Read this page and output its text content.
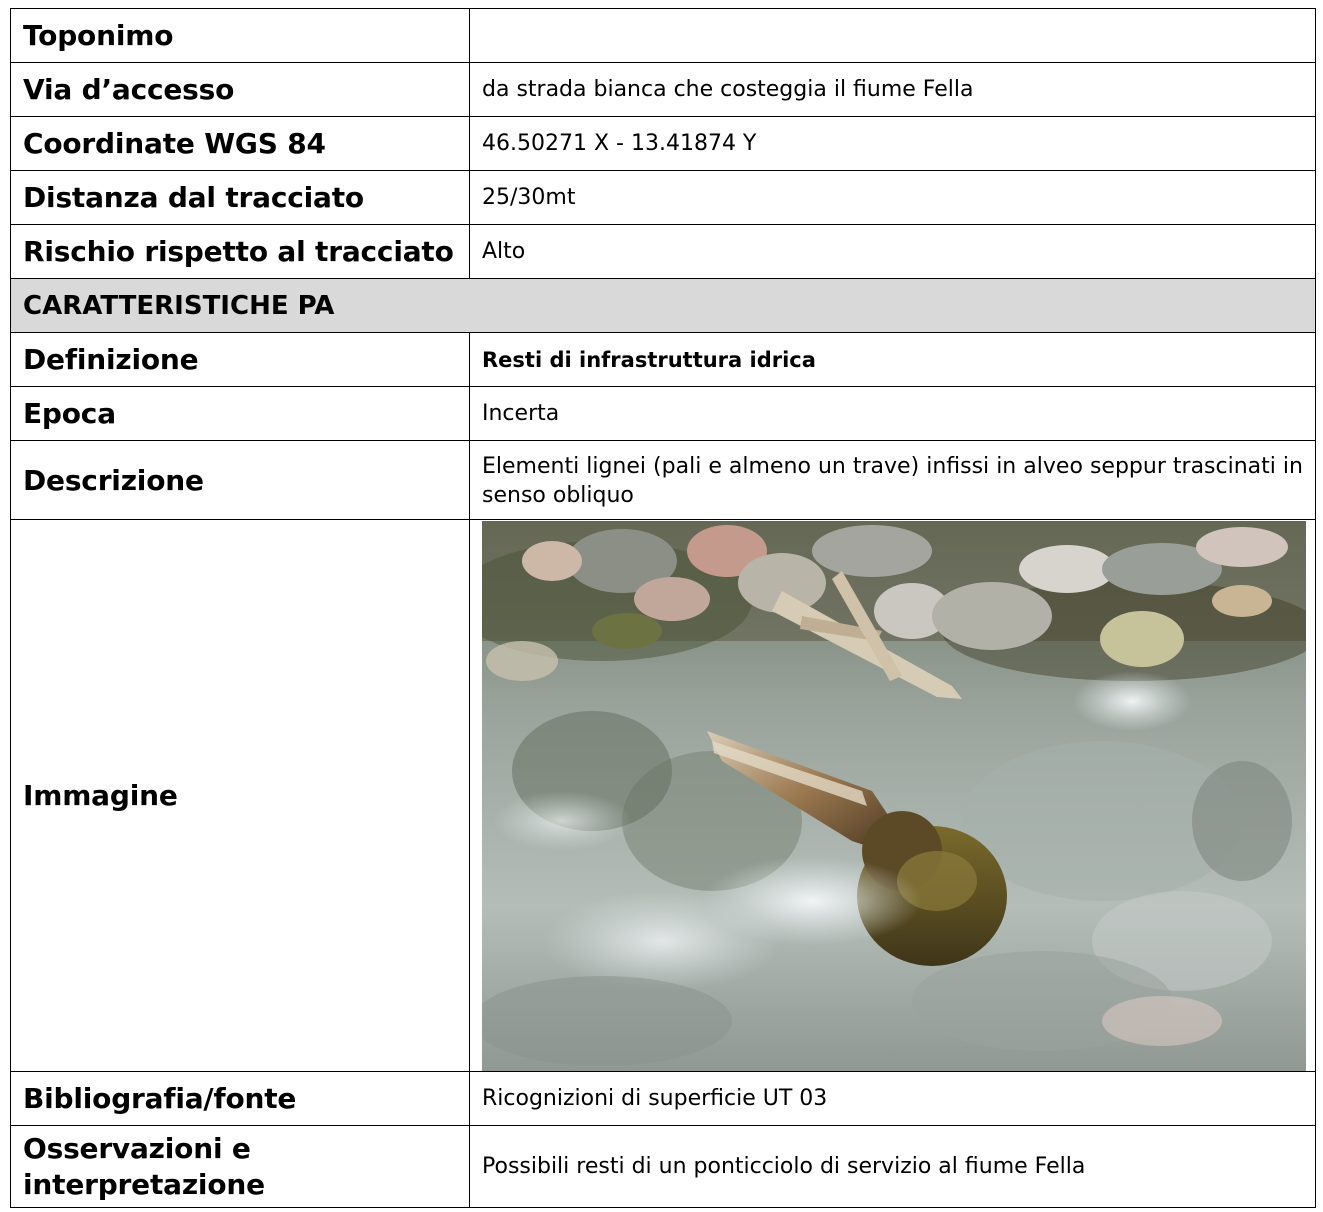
Toponimo	
Via d’accesso	da strada bianca che costeggia il fiume Fella
Coordinate WGS 84	46.50271 X - 13.41874 Y
Distanza dal tracciato	25/30mt
Rischio rispetto al tracciato	Alto
CARATTERISTICHE PA	
Definizione	Resti di infrastruttura idrica
Epoca	Incerta
Descrizione	Elementi lignei (pali e almeno un trave) infissi in alveo seppur trascinati in senso obliquo
Immagine	

Bibliografia/fonte	Ricognizioni di superficie UT 03
Osservazioni e interpretazione	Possibili resti di un ponticciolo di servizio al fiume Fella
